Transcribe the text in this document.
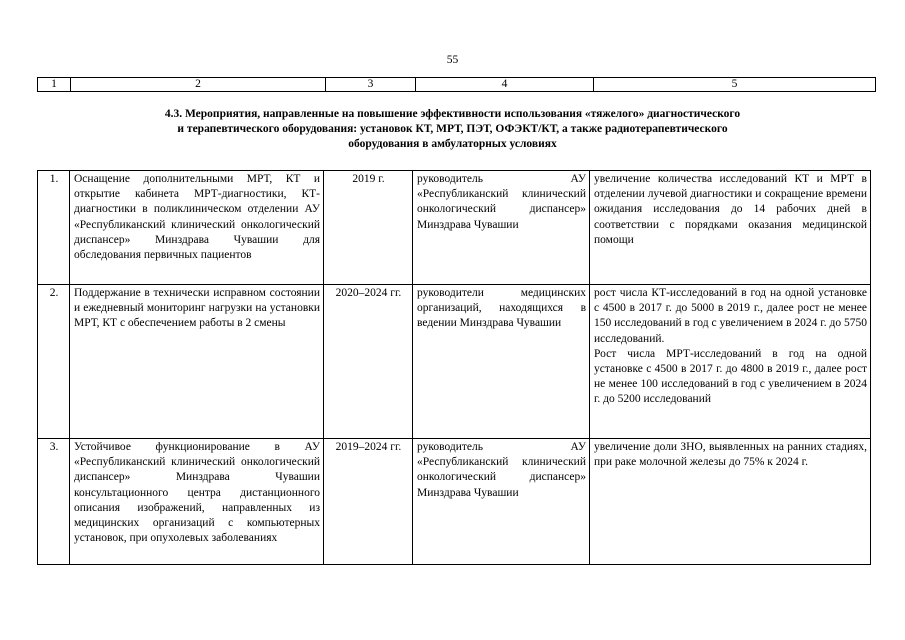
55
1	2	3	4	5
4.3. Мероприятия, направленные на повышение эффективности использования «тяжелого» диагностического
и терапевтического оборудования: установок КТ, МРТ, ПЭТ, ОФЭКТ/КТ, а также радиотерапевтического
оборудования в амбулаторных условиях
1.	Оснащение дополнительными МРТ, КТ и открытие кабинета МРТ-диагностики, КТ-диагностики в поликлиническом отделении АУ «Республиканский клинический онкологический диспансер» Минздрава Чувашии для обследования первичных пациентов	2019 г.	руководитель АУ «Республиканский клинический онкологический диспансер» Минздрава Чувашии	увеличение количества исследований КТ и МРТ в отделении лучевой диагностики и сокращение времени ожидания исследования до 14 рабочих дней в соответствии с порядками оказания медицинской помощи

2.	Поддержание в технически исправном состоянии и ежедневный мониторинг нагрузки на установки МРТ, КТ с обеспечением работы в 2 смены	2020–2024 гг.	руководители медицинских организаций, находящихся в ведении Минздрава Чувашии	рост числа КТ-исследований в год на одной установке с 4500 в 2017 г. до 5000 в 2019 г., далее рост не менее 150 исследований в год с увеличением в 2024 г. до 5750 исследований.
Рост числа МРТ-исследований в год на одной установке с 4500 в 2017 г. до 4800 в 2019 г., далее рост не менее 100 исследований в год с увеличением в 2024 г. до 5200 исследований

3.	Устойчивое функционирование в АУ «Республиканский клинический онкологический диспансер» Минздрава Чувашии консультационного центра дистанционного описания изображений, направленных из медицинских организаций с компьютерных установок, при опухолевых заболеваниях	2019–2024 гг.	руководитель АУ «Республиканский клинический онкологический диспансер» Минздрава Чувашии	увеличение доли ЗНО, выявленных на ранних стадиях, при раке молочной железы до 75% к 2024 г.
